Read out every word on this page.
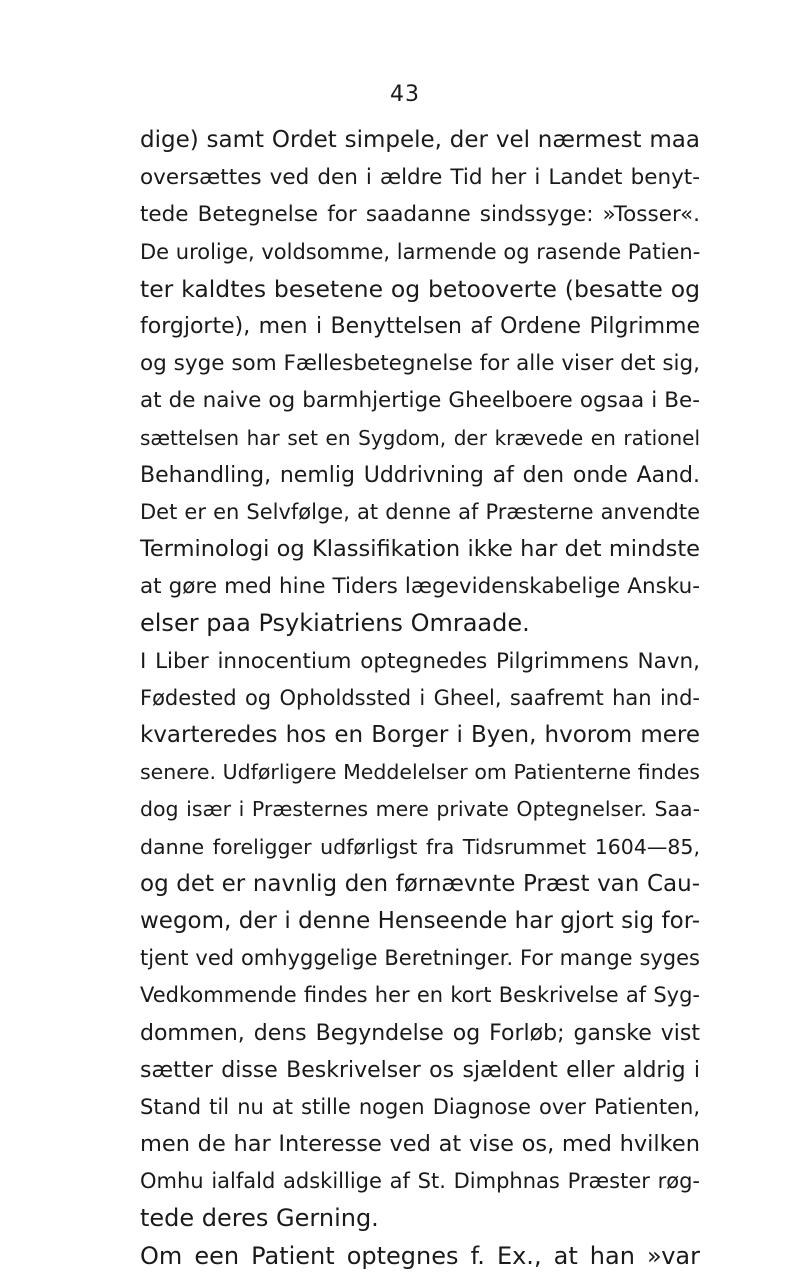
43
dige) samt Ordet simpele, der vel nærmest maa
oversættes ved den i ældre Tid her i Landet benyt-
tede Betegnelse for saadanne sindssyge: »Tosser«.
De urolige, voldsomme, larmende og rasende Patien-
ter kaldtes besetene og betooverte (besatte og
forgjorte), men i Benyttelsen af Ordene Pilgrimme
og syge som Fællesbetegnelse for alle viser det sig,
at de naive og barmhjertige Gheelboere ogsaa i Be-
sættelsen har set en Sygdom, der krævede en rationel
Behandling, nemlig Uddrivning af den onde Aand.
Det er en Selvfølge, at denne af Præsterne anvendte
Terminologi og Klassifikation ikke har det mindste
at gøre med hine Tiders lægevidenskabelige Ansku-
elser paa Psykiatriens Omraade.
I Liber innocentium optegnedes Pilgrimmens Navn,
Fødested og Opholdssted i Gheel, saafremt han ind-
kvarteredes hos en Borger i Byen, hvorom mere
senere. Udførligere Meddelelser om Patienterne findes
dog især i Præsternes mere private Optegnelser. Saa-
danne foreligger udførligst fra Tidsrummet 1604—85,
og det er navnlig den førnævnte Præst van Cau-
wegom, der i denne Henseende har gjort sig for-
tjent ved omhyggelige Beretninger. For mange syges
Vedkommende findes her en kort Beskrivelse af Syg-
dommen, dens Begyndelse og Forløb; ganske vist
sætter disse Beskrivelser os sjældent eller aldrig i
Stand til nu at stille nogen Diagnose over Patienten,
men de har Interesse ved at vise os, med hvilken
Omhu ialfald adskillige af St. Dimphnas Præster røg-
tede deres Gerning.
Om een Patient optegnes f. Ex., at han »var
